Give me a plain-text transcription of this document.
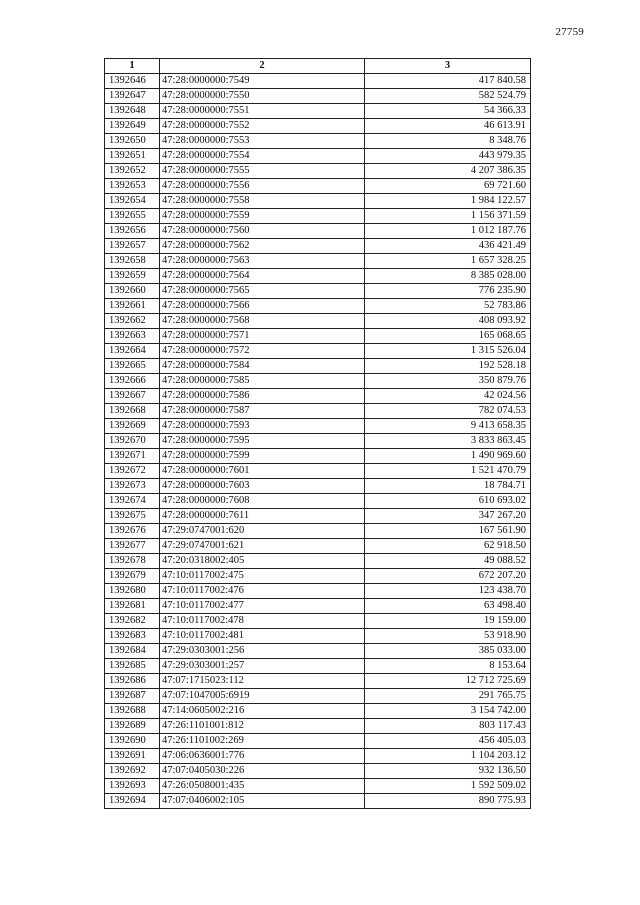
27759
1	2	3
1392646	47:28:0000000:7549	417 840.58
1392647	47:28:0000000:7550	582 524.79
1392648	47:28:0000000:7551	54 366.33
1392649	47:28:0000000:7552	46 613.91
1392650	47:28:0000000:7553	8 348.76
1392651	47:28:0000000:7554	443 979.35
1392652	47:28:0000000:7555	4 207 386.35
1392653	47:28:0000000:7556	69 721.60
1392654	47:28:0000000:7558	1 984 122.57
1392655	47:28:0000000:7559	1 156 371.59
1392656	47:28:0000000:7560	1 012 187.76
1392657	47:28:0000000:7562	436 421.49
1392658	47:28:0000000:7563	1 657 328.25
1392659	47:28:0000000:7564	8 385 028.00
1392660	47:28:0000000:7565	776 235.90
1392661	47:28:0000000:7566	52 783.86
1392662	47:28:0000000:7568	408 093.92
1392663	47:28:0000000:7571	165 068.65
1392664	47:28:0000000:7572	1 315 526.04
1392665	47:28:0000000:7584	192 528.18
1392666	47:28:0000000:7585	350 879.76
1392667	47:28:0000000:7586	42 024.56
1392668	47:28:0000000:7587	782 074.53
1392669	47:28:0000000:7593	9 413 658.35
1392670	47:28:0000000:7595	3 833 863.45
1392671	47:28:0000000:7599	1 490 969.60
1392672	47:28:0000000:7601	1 521 470.79
1392673	47:28:0000000:7603	18 784.71
1392674	47:28:0000000:7608	610 693.02
1392675	47:28:0000000:7611	347 267.20
1392676	47:29:0747001:620	167 561.90
1392677	47:29:0747001:621	62 918.50
1392678	47:20:0318002:405	49 088.52
1392679	47:10:0117002:475	672 207.20
1392680	47:10:0117002:476	123 438.70
1392681	47:10:0117002:477	63 498.40
1392682	47:10:0117002:478	19 159.00
1392683	47:10:0117002:481	53 918.90
1392684	47:29:0303001:256	385 033.00
1392685	47:29:0303001:257	8 153.64
1392686	47:07:1715023:112	12 712 725.69
1392687	47:07:1047005:6919	291 765.75
1392688	47:14:0605002:216	3 154 742.00
1392689	47:26:1101001:812	803 117.43
1392690	47:26:1101002:269	456 405.03
1392691	47:06:0636001:776	1 104 203.12
1392692	47:07:0405030:226	932 136.50
1392693	47:26:0508001:435	1 592 509.02
1392694	47:07:0406002:105	890 775.93
